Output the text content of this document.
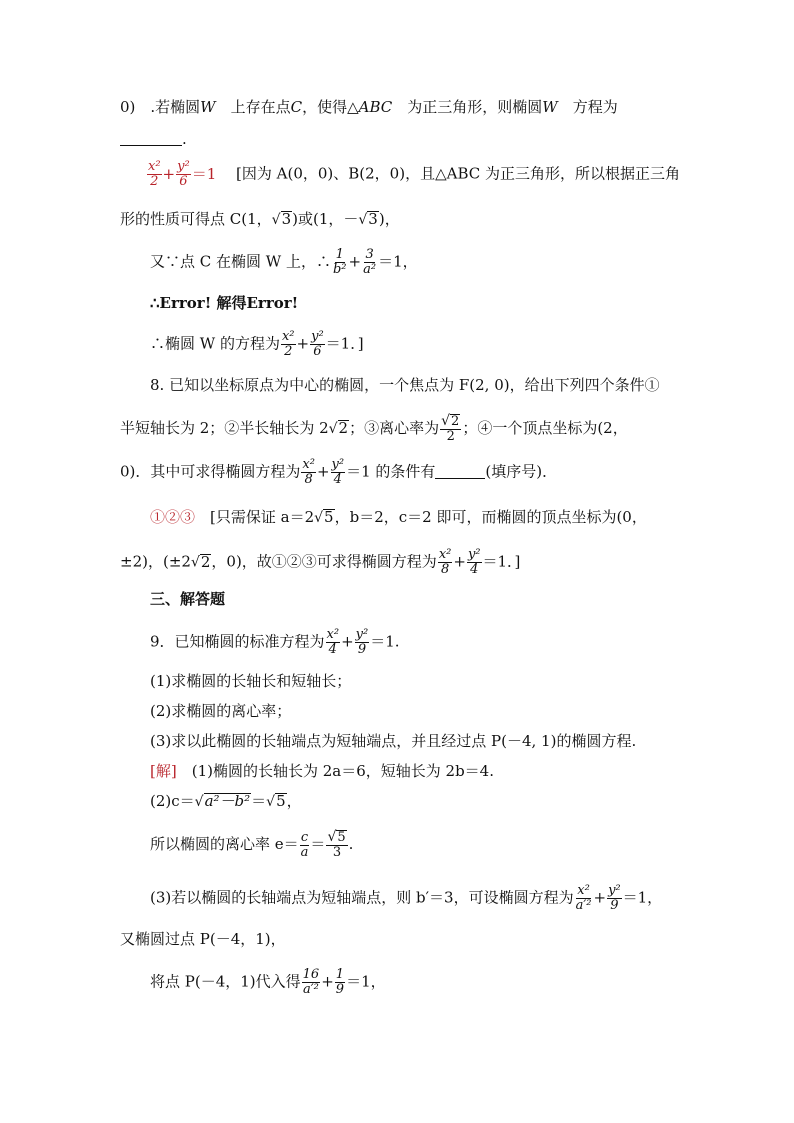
0)　.若椭圆W　上存在点C，使得△ABC　为正三角形，则椭圆W　方程为
.
$\frac{\text{x²}}{2} + \frac{\text{y²}}{6} =1$ 　[因为 A(0，0)、B(2，0)，且△ABC 为正三角形，所以根据正三角
形的性质可得点 C(1，√3)或(1，－√3)，
又∵点 C 在椭圆 W 上，∴ $\frac{1}{\text{b²}} + \frac{3}{\text{a²}} =1$，
∴Error! 解得Error!
∴椭圆 W 的方程为 $\frac{\text{x²}}{2} + \frac{\text{y²}}{6} =1$．]
8. 已知以坐标原点为中心的椭圆，一个焦点为 F(2, 0)，给出下列四个条件①
半短轴长为 2；②半长轴长为 2√2；③离心率为 $\frac{√2}{2}$ ；④一个顶点坐标为(2，
0)．其中可求得椭圆方程为 $\frac{\text{x²}}{8} + \frac{\text{y²}}{4} =1$ 的条件有	(填序号)．
①②③　[只需保证 a＝2√5，b＝2，c＝2 即可，而椭圆的顶点坐标为(0，
±2)，(±2√2，0)，故①②③可求得椭圆方程为 $\frac{\text{x²}}{8} + \frac{\text{y²}}{4} =1$．]
三、解答题
9．已知椭圆的标准方程为 $\frac{\text{x²}}{4} + \frac{\text{y²}}{9} =1$.
(1)求椭圆的长轴长和短轴长；
(2)求椭圆的离心率；
(3)求以此椭圆的长轴端点为短轴端点，并且经过点 P(－4, 1)的椭圆方程.
[解]　(1)椭圆的长轴长为 2a＝6，短轴长为 2b＝4.
(2)c＝√a²－b²＝√5，
所以椭圆的离心率 $e= \frac{c}{a} = \frac{√5}{3}$ .
(3)若以椭圆的长轴端点为短轴端点，则 b′＝3，可设椭圆方程为 $\frac{\text{x²}}{\text{a′²}} + \frac{\text{y²}}{9} =1$，
又椭圆过点 P(－4，1)，
将点 P(－4，1)代入得 $\frac{16}{\text{a′²}} + \frac{1}{9} =1$，
